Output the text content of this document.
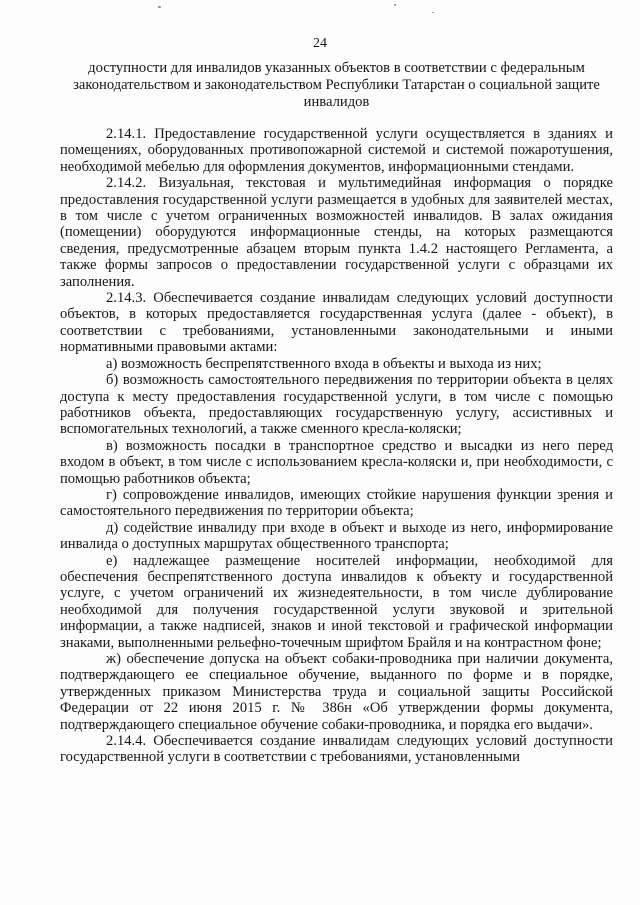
24
доступности для инвалидов указанных объектов в соответствии с федеральным законодательством и законодательством Республики Татарстан о социальной защите инвалидов

2.14.1. Предоставление государственной услуги осуществляется в зданиях и помещениях, оборудованных противопожарной системой и системой пожаротушения, необходимой мебелью для оформления документов, информационными стендами.

2.14.2. Визуальная, текстовая и мультимедийная информация о порядке предоставления государственной услуги размещается в удобных для заявителей местах, в том числе с учетом ограниченных возможностей инвалидов. В залах ожидания (помещении) оборудуются информационные стенды, на которых размещаются сведения, предусмотренные абзацем вторым пункта 1.4.2 настоящего Регламента, а также формы запросов о предоставлении государственной услуги с образцами их заполнения.

2.14.3. Обеспечивается создание инвалидам следующих условий доступности объектов, в которых предоставляется государственная услуга (далее - объект), в соответствии с требованиями, установленными законодательными и иными нормативными правовыми актами:

а) возможность беспрепятственного входа в объекты и выхода из них;

б) возможность самостоятельного передвижения по территории объекта в целях доступа к месту предоставления государственной услуги, в том числе с помощью работников объекта, предоставляющих государственную услугу, ассистивных и вспомогательных технологий, а также сменного кресла-коляски;

в) возможность посадки в транспортное средство и высадки из него перед входом в объект, в том числе с использованием кресла-коляски и, при необходимости, с помощью работников объекта;

г) сопровождение инвалидов, имеющих стойкие нарушения функции зрения и самостоятельного передвижения по территории объекта;

д) содействие инвалиду при входе в объект и выходе из него, информирование инвалида о доступных маршрутах общественного транспорта;

е) надлежащее размещение носителей информации, необходимой для обеспечения беспрепятственного доступа инвалидов к объекту и государственной услуге, с учетом ограничений их жизнедеятельности, в том числе дублирование необходимой для получения государственной услуги звуковой и зрительной информации, а также надписей, знаков и иной текстовой и графической информации знаками, выполненными рельефно-точечным шрифтом Брайля и на контрастном фоне;

ж) обеспечение допуска на объект собаки-проводника при наличии документа, подтверждающего ее специальное обучение, выданного по форме и в порядке, утвержденных приказом Министерства труда и социальной защиты Российской Федерации от 22 июня 2015 г. № 386н «Об утверждении формы документа, подтверждающего специальное обучение собаки-проводника, и порядка его выдачи».

2.14.4. Обеспечивается создание инвалидам следующих условий доступности государственной услуги в соответствии с требованиями, установленными
